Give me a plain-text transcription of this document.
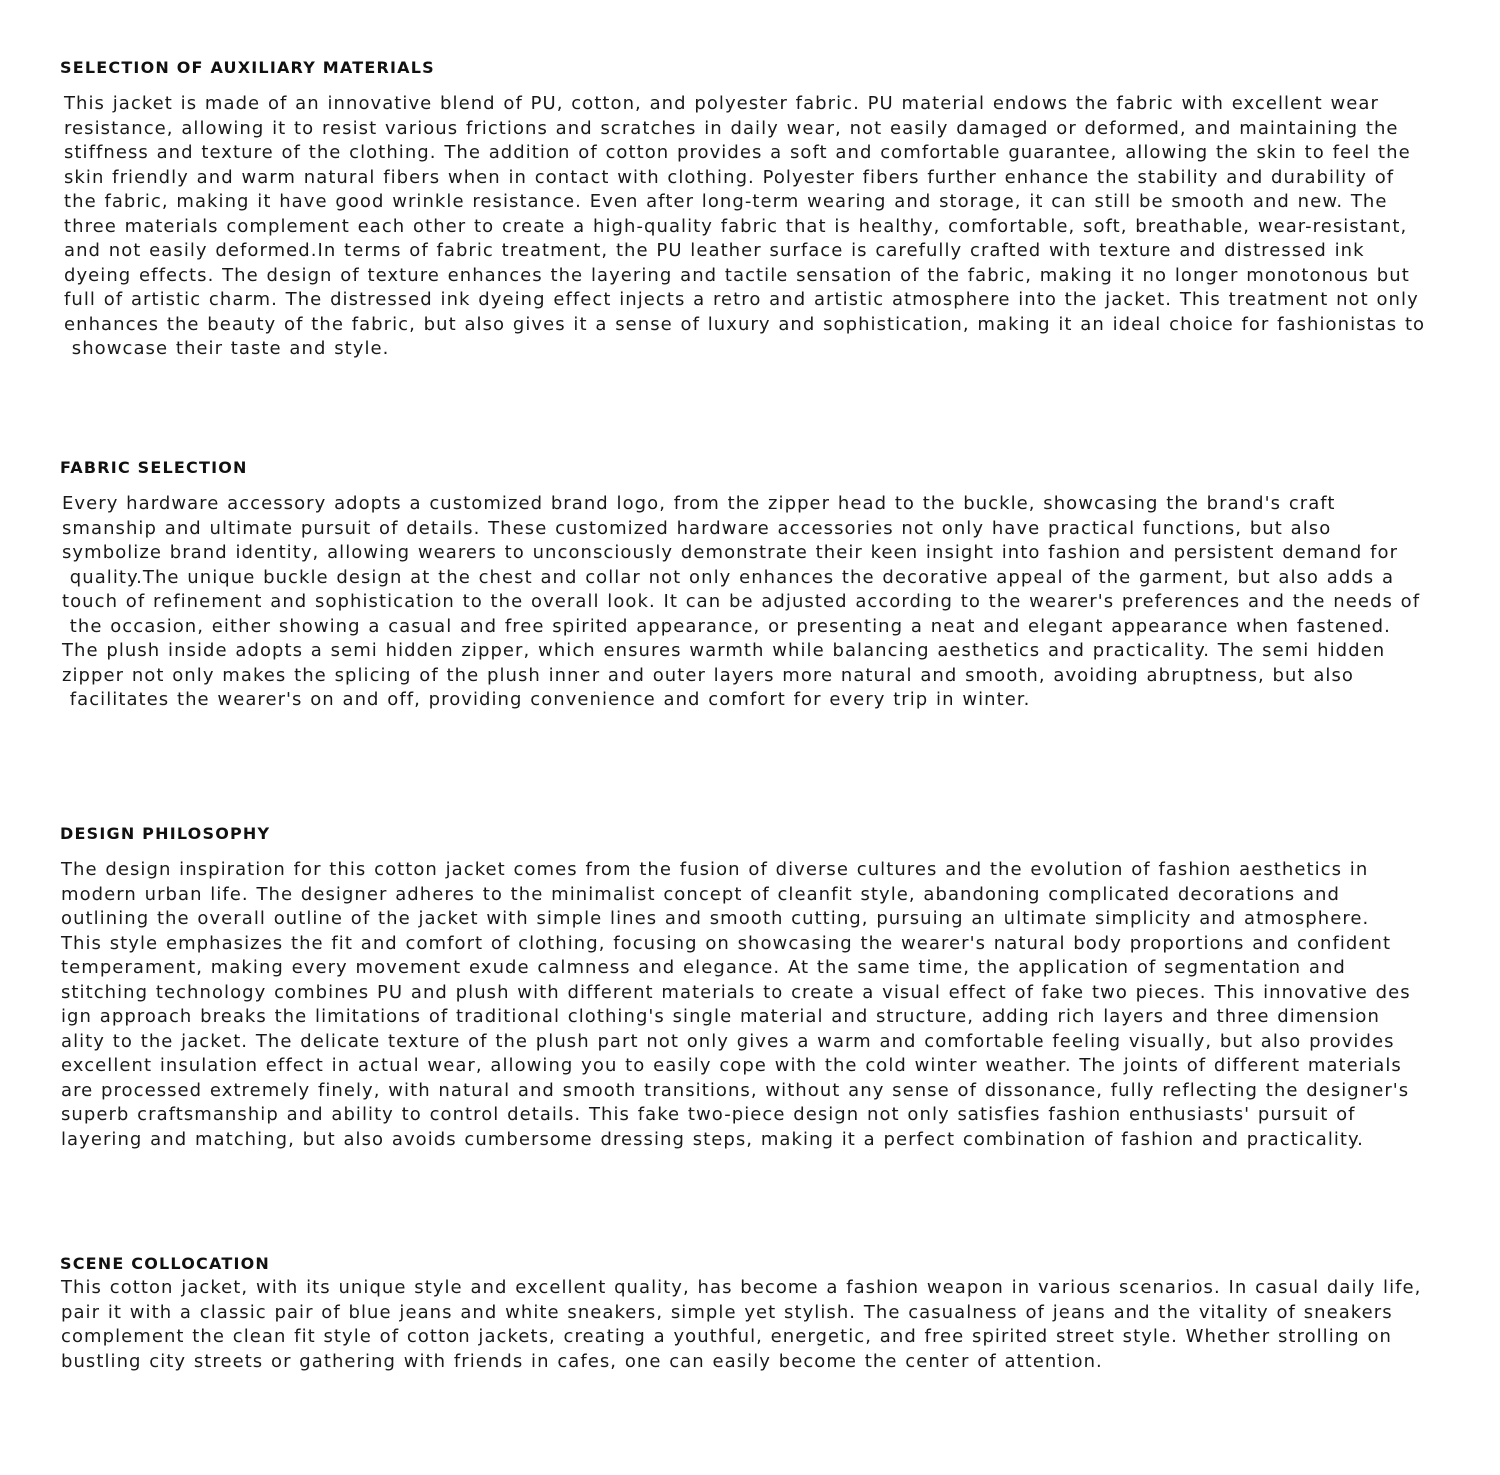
SELECTION OF AUXILIARY MATERIALS
This jacket is made of an innovative blend of PU, cotton, and polyester fabric. PU material endows the fabric with excellent wear
resistance, allowing it to resist various frictions and scratches in daily wear, not easily damaged or deformed, and maintaining the
stiffness and texture of the clothing. The addition of cotton provides a soft and comfortable guarantee, allowing the skin to feel the
skin friendly and warm natural fibers when in contact with clothing. Polyester fibers further enhance the stability and durability of
the fabric, making it have good wrinkle resistance. Even after long-term wearing and storage, it can still be smooth and new. The
three materials complement each other to create a high-quality fabric that is healthy, comfortable, soft, breathable, wear-resistant,
and not easily deformed.In terms of fabric treatment, the PU leather surface is carefully crafted with texture and distressed ink
dyeing effects. The design of texture enhances the layering and tactile sensation of the fabric, making it no longer monotonous but
full of artistic charm. The distressed ink dyeing effect injects a retro and artistic atmosphere into the jacket. This treatment not only
enhances the beauty of the fabric, but also gives it a sense of luxury and sophistication, making it an ideal choice for fashionistas to
showcase their taste and style.
FABRIC SELECTION
Every hardware accessory adopts a customized brand logo, from the zipper head to the buckle, showcasing the brand's craft
smanship and ultimate pursuit of details. These customized hardware accessories not only have practical functions, but also
symbolize brand identity, allowing wearers to unconsciously demonstrate their keen insight into fashion and persistent demand for
quality.The unique buckle design at the chest and collar not only enhances the decorative appeal of the garment, but also adds a
touch of refinement and sophistication to the overall look. It can be adjusted according to the wearer's preferences and the needs of
the occasion, either showing a casual and free spirited appearance, or presenting a neat and elegant appearance when fastened.
The plush inside adopts a semi hidden zipper, which ensures warmth while balancing aesthetics and practicality. The semi hidden
zipper not only makes the splicing of the plush inner and outer layers more natural and smooth, avoiding abruptness, but also
facilitates the wearer's on and off, providing convenience and comfort for every trip in winter.
DESIGN PHILOSOPHY
The design inspiration for this cotton jacket comes from the fusion of diverse cultures and the evolution of fashion aesthetics in
modern urban life. The designer adheres to the minimalist concept of cleanfit style, abandoning complicated decorations and
outlining the overall outline of the jacket with simple lines and smooth cutting, pursuing an ultimate simplicity and atmosphere.
This style emphasizes the fit and comfort of clothing, focusing on showcasing the wearer's natural body proportions and confident
temperament, making every movement exude calmness and elegance. At the same time, the application of segmentation and
stitching technology combines PU and plush with different materials to create a visual effect of fake two pieces. This innovative des
ign approach breaks the limitations of traditional clothing's single material and structure, adding rich layers and three dimension
ality to the jacket. The delicate texture of the plush part not only gives a warm and comfortable feeling visually, but also provides
excellent insulation effect in actual wear, allowing you to easily cope with the cold winter weather. The joints of different materials
are processed extremely finely, with natural and smooth transitions, without any sense of dissonance, fully reflecting the designer's
superb craftsmanship and ability to control details. This fake two-piece design not only satisfies fashion enthusiasts' pursuit of
layering and matching, but also avoids cumbersome dressing steps, making it a perfect combination of fashion and practicality.
SCENE COLLOCATION
This cotton jacket, with its unique style and excellent quality, has become a fashion weapon in various scenarios. In casual daily life,
pair it with a classic pair of blue jeans and white sneakers, simple yet stylish. The casualness of jeans and the vitality of sneakers
complement the clean fit style of cotton jackets, creating a youthful, energetic, and free spirited street style. Whether strolling on
bustling city streets or gathering with friends in cafes, one can easily become the center of attention.
